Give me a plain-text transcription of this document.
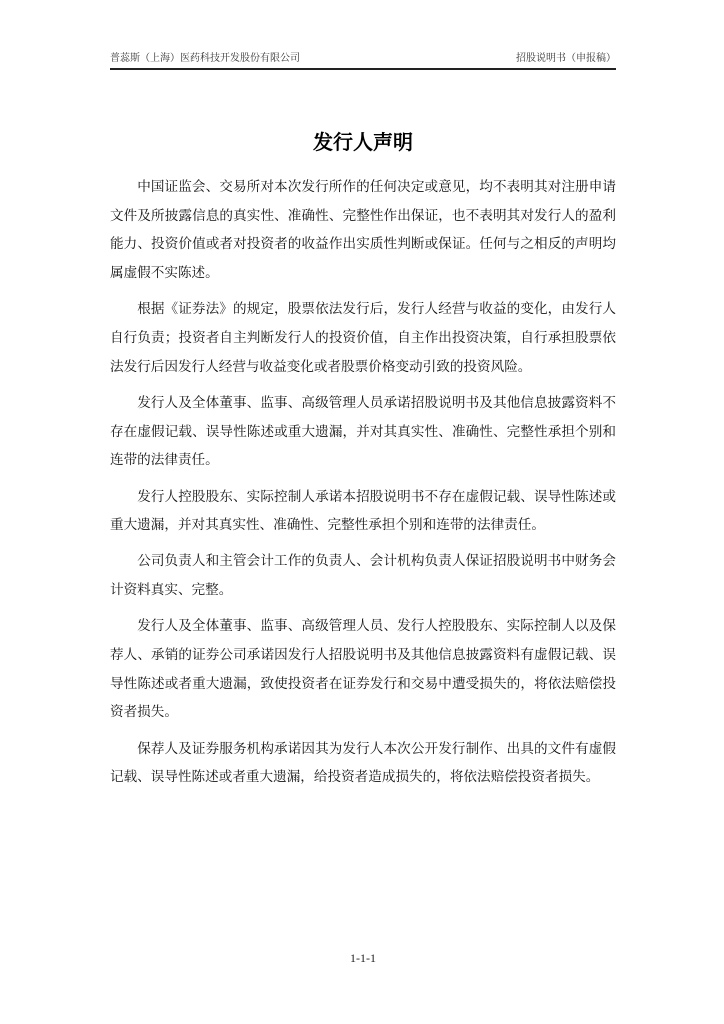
普蕊斯（上海）医药科技开发股份有限公司	招股说明书（申报稿）
发行人声明

中国证监会、交易所对本次发行所作的任何决定或意见，均不表明其对注册申请文件及所披露信息的真实性、准确性、完整性作出保证，也不表明其对发行人的盈利能力、投资价值或者对投资者的收益作出实质性判断或保证。任何与之相反的声明均属虚假不实陈述。

根据《证券法》的规定，股票依法发行后，发行人经营与收益的变化，由发行人自行负责；投资者自主判断发行人的投资价值，自主作出投资决策，自行承担股票依法发行后因发行人经营与收益变化或者股票价格变动引致的投资风险。

发行人及全体董事、监事、高级管理人员承诺招股说明书及其他信息披露资料不存在虚假记载、误导性陈述或重大遗漏，并对其真实性、准确性、完整性承担个别和连带的法律责任。

发行人控股股东、实际控制人承诺本招股说明书不存在虚假记载、误导性陈述或重大遗漏，并对其真实性、准确性、完整性承担个别和连带的法律责任。

公司负责人和主管会计工作的负责人、会计机构负责人保证招股说明书中财务会计资料真实、完整。

发行人及全体董事、监事、高级管理人员、发行人控股股东、实际控制人以及保荐人、承销的证券公司承诺因发行人招股说明书及其他信息披露资料有虚假记载、误导性陈述或者重大遗漏，致使投资者在证券发行和交易中遭受损失的，将依法赔偿投资者损失。

保荐人及证券服务机构承诺因其为发行人本次公开发行制作、出具的文件有虚假记载、误导性陈述或者重大遗漏，给投资者造成损失的，将依法赔偿投资者损失。

1-1-1
